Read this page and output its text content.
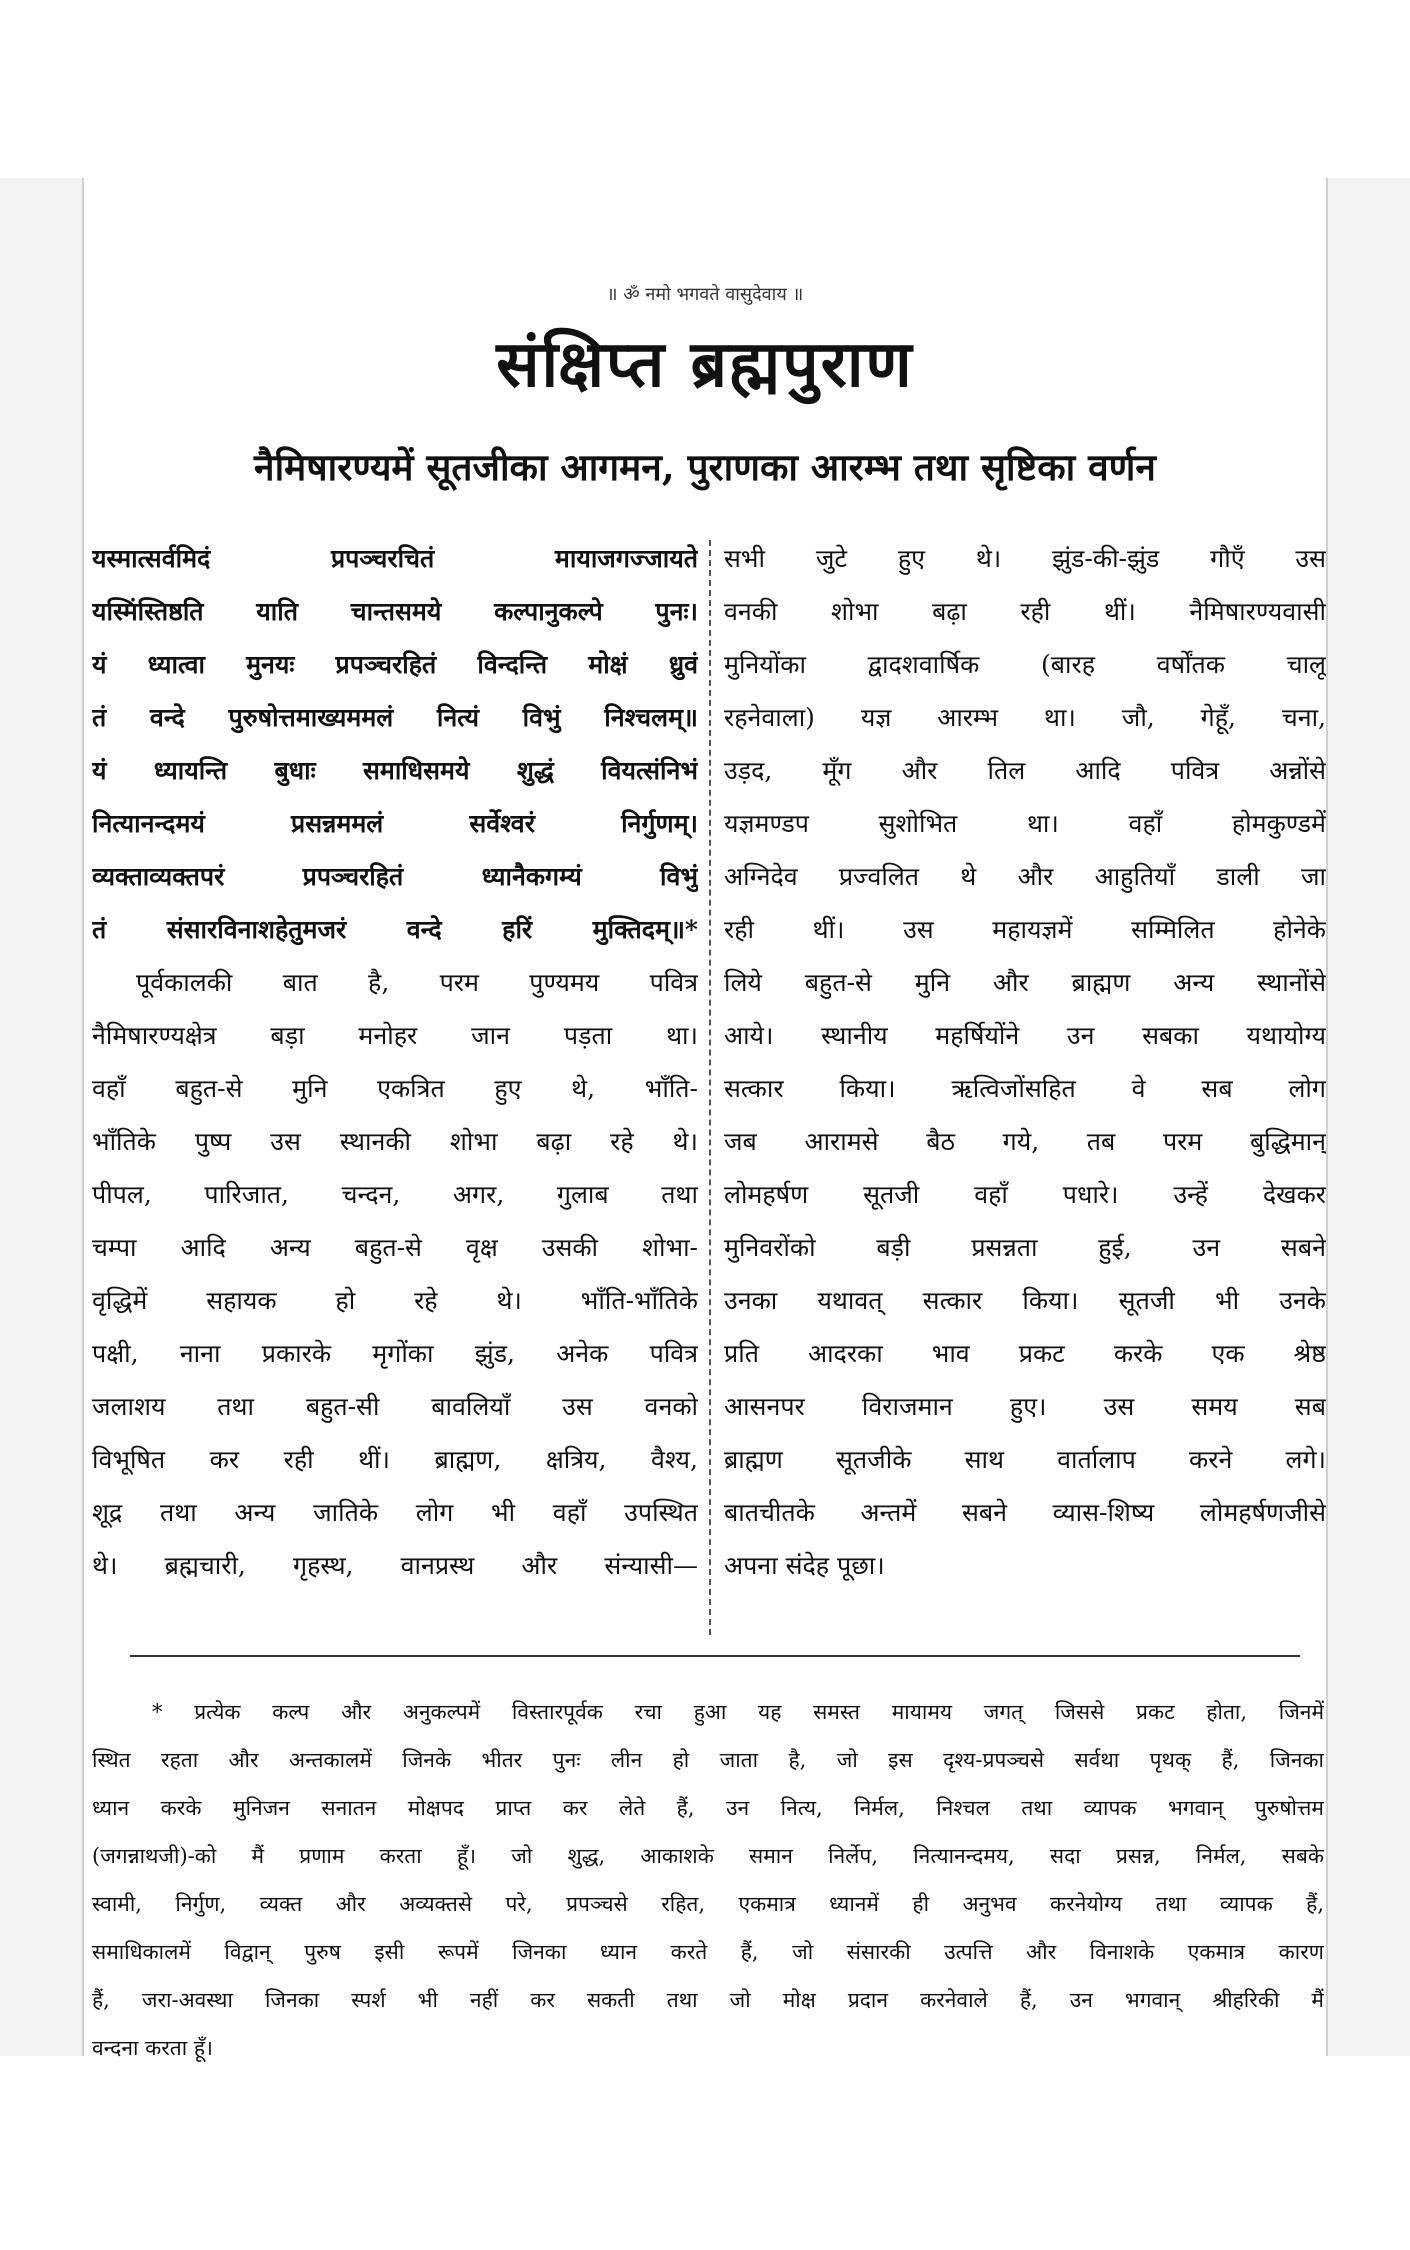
॥ ॐ नमो भगवते वासुदेवाय ॥
संक्षिप्त ब्रह्मपुराण
नैमिषारण्यमें सूतजीका आगमन, पुराणका आरम्भ तथा सृष्टिका वर्णन
यस्मात्सर्वमिदं प्रपञ्चरचितं मायाजगज्जायते
यस्मिंस्तिष्ठति याति चान्तसमये कल्पानुकल्पे पुनः।
यं ध्यात्वा मुनयः प्रपञ्चरहितं विन्दन्ति मोक्षं ध्रुवं
तं वन्दे पुरुषोत्तमाख्यममलं नित्यं विभुं निश्चलम्॥
यं ध्यायन्ति बुधाः समाधिसमये शुद्धं वियत्संनिभं
नित्यानन्दमयं प्रसन्नममलं सर्वेश्वरं निर्गुणम्।
व्यक्ताव्यक्तपरं प्रपञ्चरहितं ध्यानैकगम्यं विभुं
तं संसारविनाशहेतुमजरं वन्दे हरिं मुक्तिदम्॥*
पूर्वकालकी बात है, परम पुण्यमय पवित्र
नैमिषारण्यक्षेत्र बड़ा मनोहर जान पड़ता था।
वहाँ बहुत-से मुनि एकत्रित हुए थे, भाँति-
भाँतिके पुष्प उस स्थानकी शोभा बढ़ा रहे थे।
पीपल, पारिजात, चन्दन, अगर, गुलाब तथा
चम्पा आदि अन्य बहुत-से वृक्ष उसकी शोभा-
वृद्धिमें सहायक हो रहे थे। भाँति-भाँतिके
पक्षी, नाना प्रकारके मृगोंका झुंड, अनेक पवित्र
जलाशय तथा बहुत-सी बावलियाँ उस वनको
विभूषित कर रही थीं। ब्राह्मण, क्षत्रिय, वैश्य,
शूद्र तथा अन्य जातिके लोग भी वहाँ उपस्थित
थे। ब्रह्मचारी, गृहस्थ, वानप्रस्थ और संन्यासी—
सभी जुटे हुए थे। झुंड-की-झुंड गौएँ उस
वनकी शोभा बढ़ा रही थीं। नैमिषारण्यवासी
मुनियोंका द्वादशवार्षिक (बारह वर्षोंतक चालू
रहनेवाला) यज्ञ आरम्भ था। जौ, गेहूँ, चना,
उड़द, मूँग और तिल आदि पवित्र अन्नोंसे
यज्ञमण्डप सुशोभित था। वहाँ होमकुण्डमें
अग्निदेव प्रज्वलित थे और आहुतियाँ डाली जा
रही थीं। उस महायज्ञमें सम्मिलित होनेके
लिये बहुत-से मुनि और ब्राह्मण अन्य स्थानोंसे
आये। स्थानीय महर्षियोंने उन सबका यथायोग्य
सत्कार किया। ऋत्विजोंसहित वे सब लोग
जब आरामसे बैठ गये, तब परम बुद्धिमान्
लोमहर्षण सूतजी वहाँ पधारे। उन्हें देखकर
मुनिवरोंको बड़ी प्रसन्नता हुई, उन सबने
उनका यथावत् सत्कार किया। सूतजी भी उनके
प्रति आदरका भाव प्रकट करके एक श्रेष्ठ
आसनपर विराजमान हुए। उस समय सब
ब्राह्मण सूतजीके साथ वार्तालाप करने लगे।
बातचीतके अन्तमें सबने व्यास-शिष्य लोमहर्षणजीसे
अपना संदेह पूछा।
* प्रत्येक कल्प और अनुकल्पमें विस्तारपूर्वक रचा हुआ यह समस्त मायामय जगत् जिससे प्रकट होता, जिनमें
स्थित रहता और अन्तकालमें जिनके भीतर पुनः लीन हो जाता है, जो इस दृश्य-प्रपञ्चसे सर्वथा पृथक् हैं, जिनका
ध्यान करके मुनिजन सनातन मोक्षपद प्राप्त कर लेते हैं, उन नित्य, निर्मल, निश्चल तथा व्यापक भगवान् पुरुषोत्तम
(जगन्नाथजी)-को मैं प्रणाम करता हूँ। जो शुद्ध, आकाशके समान निर्लेप, नित्यानन्दमय, सदा प्रसन्न, निर्मल, सबके
स्वामी, निर्गुण, व्यक्त और अव्यक्तसे परे, प्रपञ्चसे रहित, एकमात्र ध्यानमें ही अनुभव करनेयोग्य तथा व्यापक हैं,
समाधिकालमें विद्वान् पुरुष इसी रूपमें जिनका ध्यान करते हैं, जो संसारकी उत्पत्ति और विनाशके एकमात्र कारण
हैं, जरा-अवस्था जिनका स्पर्श भी नहीं कर सकती तथा जो मोक्ष प्रदान करनेवाले हैं, उन भगवान् श्रीहरिकी मैं
वन्दना करता हूँ।
